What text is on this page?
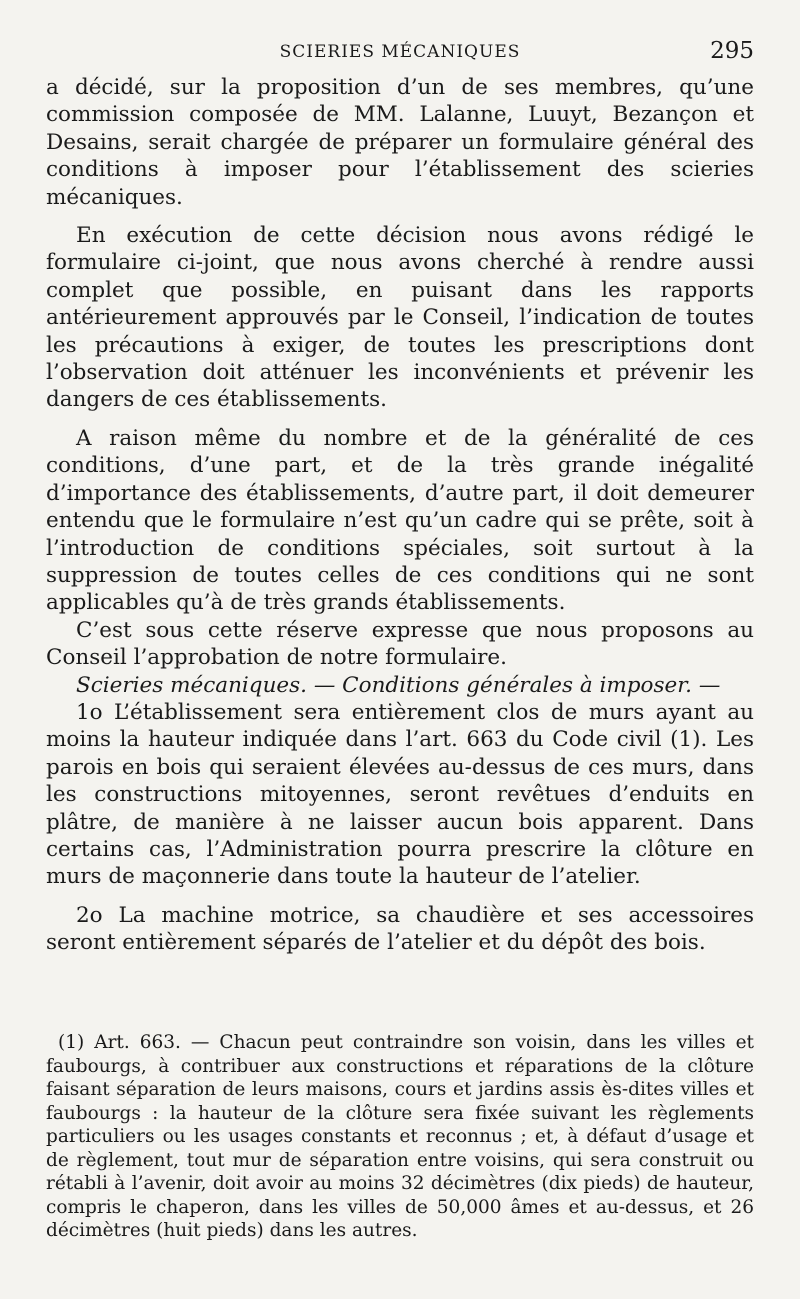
SCIERIES MÉCANIQUES	295

a décidé, sur la proposition d’un de ses membres, qu’une commission composée de MM. Lalanne, Luuyt, Bezançon et Desains, serait chargée de préparer un formulaire général des conditions à imposer pour l’établissement des scieries mécaniques.

En exécution de cette décision nous avons rédigé le formulaire ci-joint, que nous avons cherché à rendre aussi complet que possible, en puisant dans les rapports antérieurement approuvés par le Conseil, l’indication de toutes les précautions à exiger, de toutes les prescriptions dont l’observation doit atténuer les inconvénients et prévenir les dangers de ces établissements.

A raison même du nombre et de la généralité de ces conditions, d’une part, et de la très grande inégalité d’importance des établissements, d’autre part, il doit demeurer entendu que le formulaire n’est qu’un cadre qui se prête, soit à l’introduction de conditions spéciales, soit surtout à la suppression de toutes celles de ces conditions qui ne sont applicables qu’à de très grands établissements.

C’est sous cette réserve expresse que nous proposons au Conseil l’approbation de notre formulaire.

Scieries mécaniques. — Conditions générales à imposer. —

1o L’établissement sera entièrement clos de murs ayant au moins la hauteur indiquée dans l’art. 663 du Code civil (1). Les parois en bois qui seraient élevées au-dessus de ces murs, dans les constructions mitoyennes, seront revêtues d’enduits en plâtre, de manière à ne laisser aucun bois apparent. Dans certains cas, l’Administration pourra prescrire la clôture en murs de maçonnerie dans toute la hauteur de l’atelier.

2o La machine motrice, sa chaudière et ses accessoires seront entièrement séparés de l’atelier et du dépôt des bois.

(1) Art. 663. — Chacun peut contraindre son voisin, dans les villes et faubourgs, à contribuer aux constructions et réparations de la clôture faisant séparation de leurs maisons, cours et jardins assis ès-dites villes et faubourgs : la hauteur de la clôture sera fixée suivant les règlements particuliers ou les usages constants et reconnus ; et, à défaut d’usage et de règlement, tout mur de séparation entre voisins, qui sera construit ou rétabli à l’avenir, doit avoir au moins 32 décimètres (dix pieds) de hauteur, compris le chaperon, dans les villes de 50,000 âmes et au-dessus, et 26 décimètres (huit pieds) dans les autres.
